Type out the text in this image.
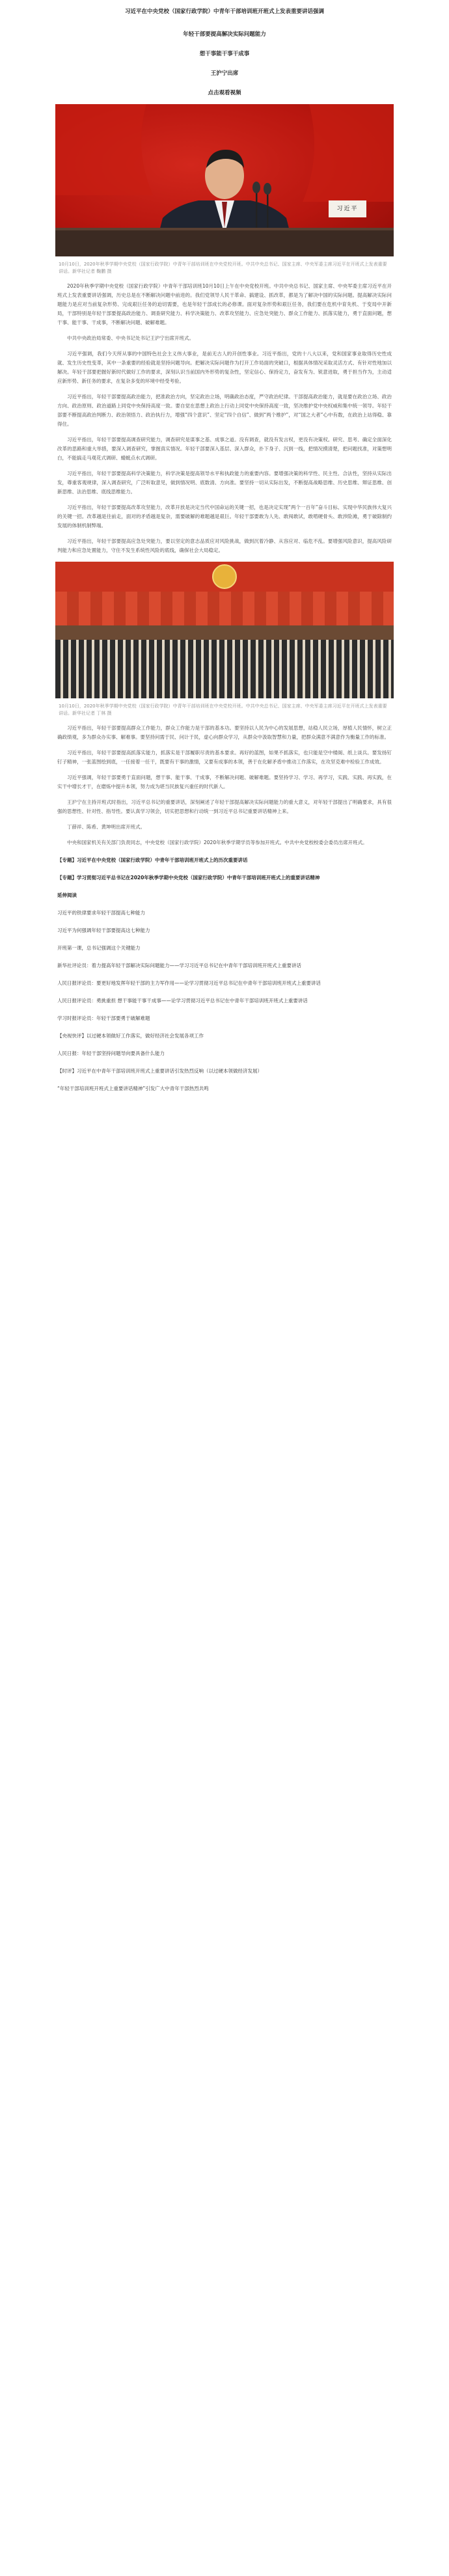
习近平在中央党校（国家行政学院）中青年干部培训班开班式上发表重要讲话强调
年轻干部要提高解决实际问题能力
想干事能干事干成事
王沪宁出席
点击观看视频
习近平
10月10日，2020年秋季学期中央党校（国家行政学院）中青年干部培训班在中央党校开班。中共中央总书记、国家主席、中央军委主席习近平在开班式上发表重要讲话。新华社记者 鞠鹏 摄

2020年秋季学期中央党校（国家行政学院）中青年干部培训班10月10日上午在中央党校开班。中共中央总书记、国家主席、中央军委主席习近平在开班式上发表重要讲话强调，历史总是在不断解决问题中前进的。我们党领导人民干革命、搞建设、抓改革，都是为了解决中国的实际问题。提高解决实际问题能力是应对当前复杂形势、完成艰巨任务的迫切需要，也是年轻干部成长的必修课。面对复杂形势和艰巨任务，我们要在危机中育先机、于变局中开新局，干部特别是年轻干部要提高政治能力、调查研究能力、科学决策能力、改革攻坚能力、应急处突能力、群众工作能力、抓落实能力，勇于直面问题，想干事、能干事、干成事，不断解决问题、破解难题。

中共中央政治局常委、中央书记处书记王沪宁出席开班式。

习近平强调，我们今天所从事的中国特色社会主义伟大事业，是前无古人的开创性事业。习近平指出，党的十八大以来，党和国家事业取得历史性成就、发生历史性变革，其中一条重要的经验就是坚持问题导向。把解决实际问题作为打开工作局面的突破口，根据具体情况采取灵活方式、有针对性地加以解决。年轻干部要把握好新时代做好工作的要求，深刻认识当前国内外形势的复杂性，坚定信心、保持定力，奋发有为、锐意进取，勇于担当作为，主动适应新形势、新任务的要求，在复杂多变的环境中经受考验。

习近平指出，年轻干部要提高政治能力，把准政治方向，坚定政治立场，明确政治态度，严守政治纪律。干部提高政治能力，就是要在政治立场、政治方向、政治原则、政治道路上同党中央保持高度一致。要自觉在思想上政治上行动上同党中央保持高度一致，坚决维护党中央权威和集中统一领导。年轻干部要不断提高政治判断力、政治领悟力、政治执行力，增强“四个意识”、坚定“四个自信”、做到“两个维护”，对“国之大者”心中有数，在政治上站得稳、靠得住。

习近平指出，年轻干部要提高调查研究能力，调查研究是谋事之基、成事之道。没有调查，就没有发言权，更没有决策权。研究、思考、确定全面深化改革的思路和重大举措，要深入调查研究，掌握真实情况。年轻干部要深入基层、深入群众，扑下身子、沉到一线，把情况摸清楚，把问题找准，对策想明白，不能搞走马观花式调研、蜻蜓点水式调研。

习近平指出，年轻干部要提高科学决策能力，科学决策是提高领导水平和执政能力的重要内容。要增强决策的科学性、民主性、合法性，坚持从实际出发，尊重客观规律，深入调查研究，广泛听取意见，做到情况明、底数清、方向准。要坚持一切从实际出发，不断提高战略思维、历史思维、辩证思维、创新思维、法治思维、底线思维能力。

习近平指出，年轻干部要提高改革攻坚能力，改革开放是决定当代中国命运的关键一招，也是决定实现“两个一百年”奋斗目标、实现中华民族伟大复兴的关键一招。改革越是往前走，面对的矛盾越是复杂，需要破解的难题越是艰巨。年轻干部要敢为人先、敢闯敢试，敢啃硬骨头、敢涉险滩，勇于破除制约发展的体制机制弊端。

习近平指出，年轻干部要提高应急处突能力，要以坚定的意志品质应对风险挑战，做到沉着冷静、从容应对、临危不乱。要增强风险意识，提高风险研判能力和应急处置能力，守住不发生系统性风险的底线，确保社会大局稳定。

10月10日，2020年秋季学期中央党校（国家行政学院）中青年干部培训班在中央党校开班。中共中央总书记、国家主席、中央军委主席习近平在开班式上发表重要讲话。新华社记者 丁林 摄

习近平指出，年轻干部要提高群众工作能力，群众工作能力是干部的基本功。要坚持以人民为中心的发展思想，站稳人民立场，厚植人民情怀，树立正确政绩观，多为群众办实事、解难事。要坚持问需于民、问计于民，虚心向群众学习，从群众中汲取智慧和力量，把群众满意不满意作为衡量工作的标准。

习近平指出，年轻干部要提高抓落实能力，抓落实是干部履职尽责的基本要求。再好的蓝图，如果不抓落实，也只能是空中楼阁、纸上谈兵。要发扬钉钉子精神，一张蓝图绘到底，一任接着一任干，既要有干事的激情，又要有成事的本领，善于在化解矛盾中推动工作落实，在攻坚克难中检验工作成效。

习近平强调，年轻干部要勇于直面问题，想干事、能干事、干成事，不断解决问题、破解难题。要坚持学习、学习、再学习，实践、实践、再实践，在实干中增长才干，在磨炼中提升本领，努力成为堪当民族复兴重任的时代新人。

王沪宁在主持开班式时指出，习近平总书记的重要讲话，深刻阐述了年轻干部提高解决实际问题能力的重大意义，对年轻干部提出了明确要求，具有很强的思想性、针对性、指导性。要认真学习领会，切实把思想和行动统一到习近平总书记重要讲话精神上来。

丁薛祥、陈希、黄坤明出席开班式。

中央和国家机关有关部门负责同志，中央党校（国家行政学院）2020年秋季学期学员等参加开班式。中共中央党校校委会委员出席开班式。

【专题】习近平在中央党校（国家行政学院）中青年干部培训班开班式上的历次重要讲话
【专题】学习贯彻习近平总书记在2020年秋季学期中央党校（国家行政学院）中青年干部培训班开班式上的重要讲话精神
延伸阅读
习近平的铁律要求年轻干部提高七种能力
习近平为何强调年轻干部要提高这七种能力
开班第一课，总书记强调这个关键能力
新华社评论员：着力提高年轻干部解决实际问题能力——学习习近平总书记在中青年干部培训班开班式上重要讲话
人民日报评论员：要更好地发挥年轻干部的主力军作用——论学习贯彻习近平总书记在中青年干部培训班开班式上重要讲话
人民日报评论员：勇挑重担 想干事能干事干成事——论学习贯彻习近平总书记在中青年干部培训班开班式上重要讲话
学习时报评论员：年轻干部要勇于破解难题
【央视快评】以过硬本领做好工作落实，做好经济社会发展各项工作
人民日报：年轻干部坚持问题导向要具备什么能力
【时评】习近平在中青年干部培训班开班式上重要讲话引发热烈反响（以过硬本领做经济发展）
“年轻干部培训班开班式上重要讲话精神”引发广大中青年干部热烈共鸣
